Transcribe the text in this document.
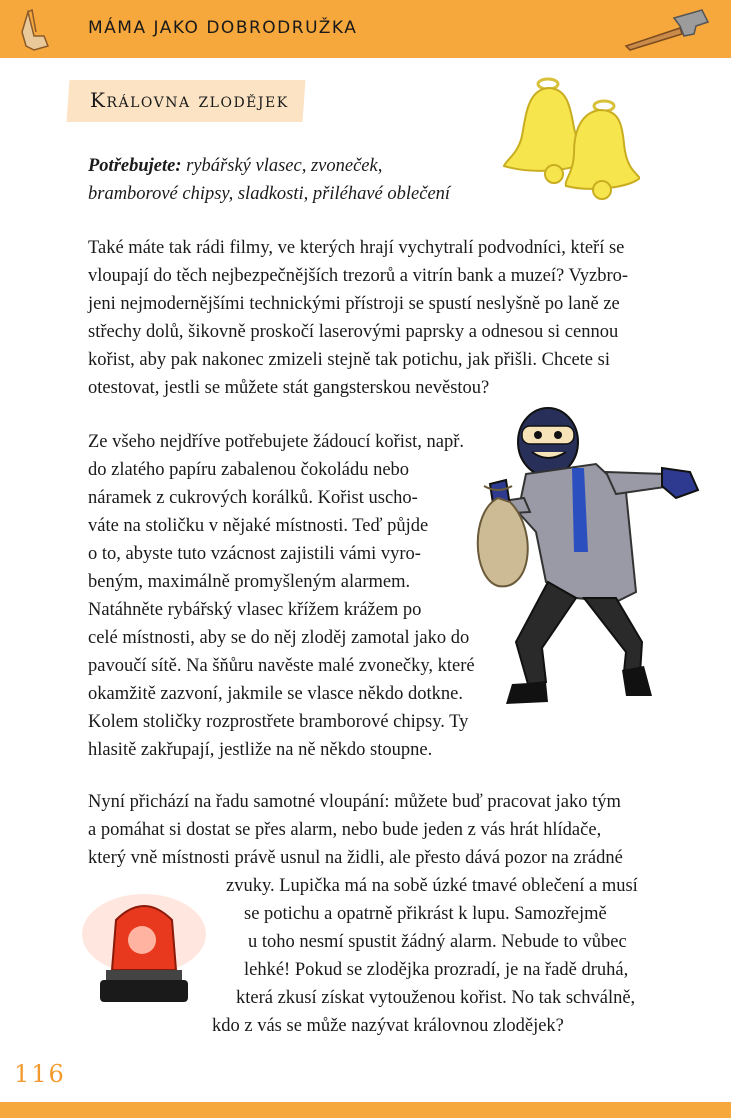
MÁMA JAKO DOBRODRUŽKA
Královna zlodějek
Potřebujete: rybářský vlasec, zvoneček,
bramborové chipsy, sladkosti, přiléhavé oblečení

Také máte tak rádi filmy, ve kterých hrají vychytralí podvodníci, kteří se
vloupají do těch nejbezpečnějších trezorů a vitrín bank a muzeí? Vyzbro-
jeni nejmodernějšími technickými přístroji se spustí neslyšně po laně ze
střechy dolů, šikovně proskočí laserovými paprsky a odnesou si cennou
kořist, aby pak nakonec zmizeli stejně tak potichu, jak přišli. Chcete si
otestovat, jestli se můžete stát gangsterskou nevěstou?

Ze všeho nejdříve potřebujete žádoucí kořist, např.
do zlatého papíru zabalenou čokoládu nebo
náramek z cukrových korálků. Kořist uscho-
váte na stoličku v nějaké místnosti. Teď půjde
o to, abyste tuto vzácnost zajistili vámi vyro-
beným, maximálně promyšleným alarmem.
Natáhněte rybářský vlasec křížem krážem po
celé místnosti, aby se do něj zloděj zamotal jako do
pavoučí sítě. Na šňůru navěste malé zvonečky, které
okamžitě zazvoní, jakmile se vlasce někdo dotkne.
Kolem stoličky rozprostřete bramborové chipsy. Ty
hlasitě zakřupají, jestliže na ně někdo stoupne.

Nyní přichází na řadu samotné vloupání: můžete buď pracovat jako tým
a pomáhat si dostat se přes alarm, nebo bude jeden z vás hrát hlídače,
který vně místnosti právě usnul na židli, ale přesto dává pozor na zrádné
zvuky. Lupička má na sobě úzké tmavé oblečení a musí
se potichu a opatrně přikrást k lupu. Samozřejmě
u toho nesmí spustit žádný alarm. Nebude to vůbec
lehké! Pokud se zlodějka prozradí, je na řadě druhá,
která zkusí získat vytouženou kořist. No tak schválně,
kdo z vás se může nazývat královnou zlodějek?

116
